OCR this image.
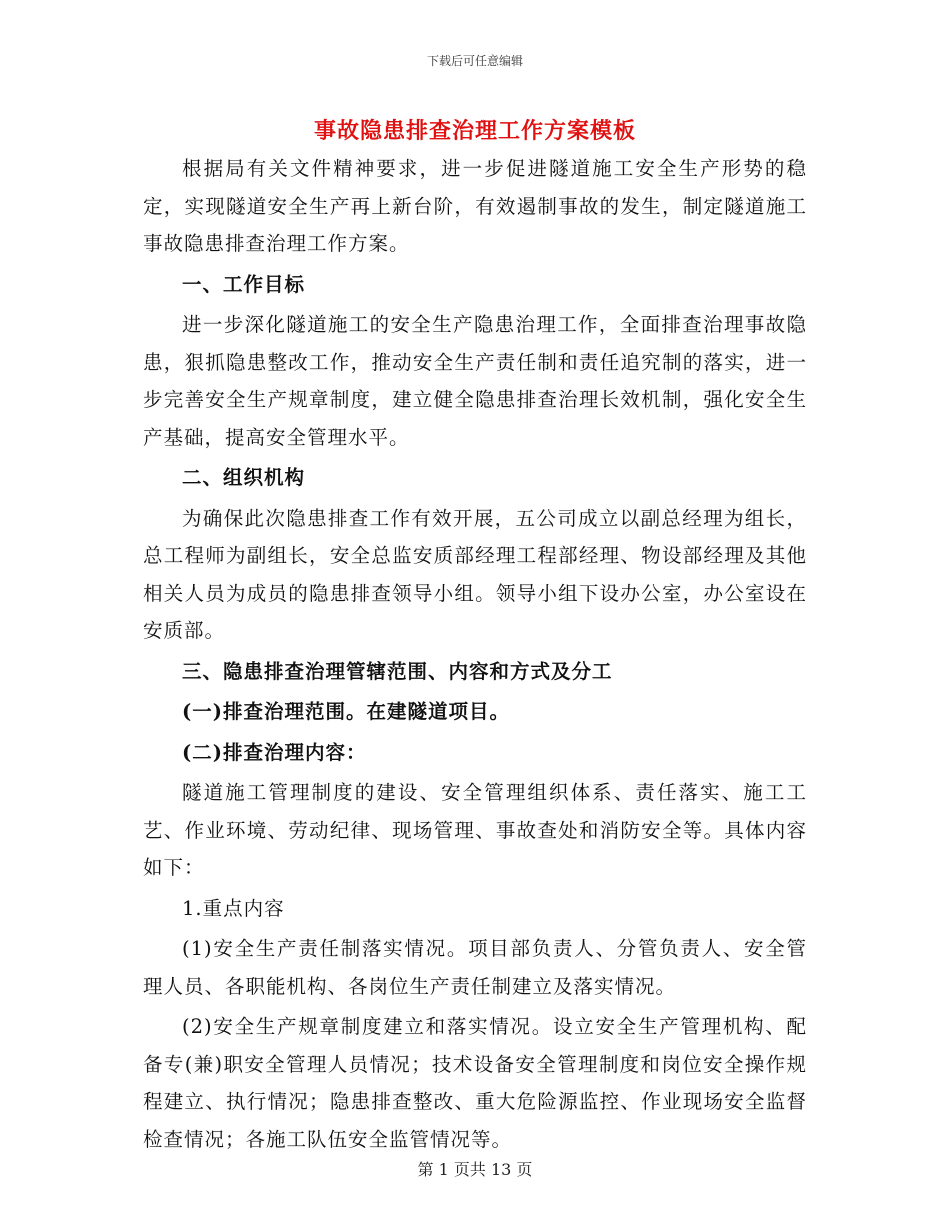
下载后可任意编辑
事故隐患排查治理工作方案模板

根据局有关文件精神要求，进一步促进隧道施工安全生产形势的稳定，实现隧道安全生产再上新台阶，有效遏制事故的发生，制定隧道施工事故隐患排查治理工作方案。

一、工作目标

进一步深化隧道施工的安全生产隐患治理工作，全面排查治理事故隐患，狠抓隐患整改工作，推动安全生产责任制和责任追究制的落实，进一步完善安全生产规章制度，建立健全隐患排查治理长效机制，强化安全生产基础，提高安全管理水平。

二、组织机构

为确保此次隐患排查工作有效开展，五公司成立以副总经理为组长，总工程师为副组长，安全总监安质部经理工程部经理、物设部经理及其他相关人员为成员的隐患排查领导小组。领导小组下设办公室，办公室设在安质部。

三、隐患排查治理管辖范围、内容和方式及分工

(一)排查治理范围。在建隧道项目。

(二)排查治理内容：

隧道施工管理制度的建设、安全管理组织体系、责任落实、施工工艺、作业环境、劳动纪律、现场管理、事故查处和消防安全等。具体内容如下：

1.重点内容

(1)安全生产责任制落实情况。项目部负责人、分管负责人、安全管理人员、各职能机构、各岗位生产责任制建立及落实情况。

(2)安全生产规章制度建立和落实情况。设立安全生产管理机构、配备专(兼)职安全管理人员情况；技术设备安全管理制度和岗位安全操作规程建立、执行情况；隐患排查整改、重大危险源监控、作业现场安全监督检查情况；各施工队伍安全监管情况等。

第 1 页共 13 页
